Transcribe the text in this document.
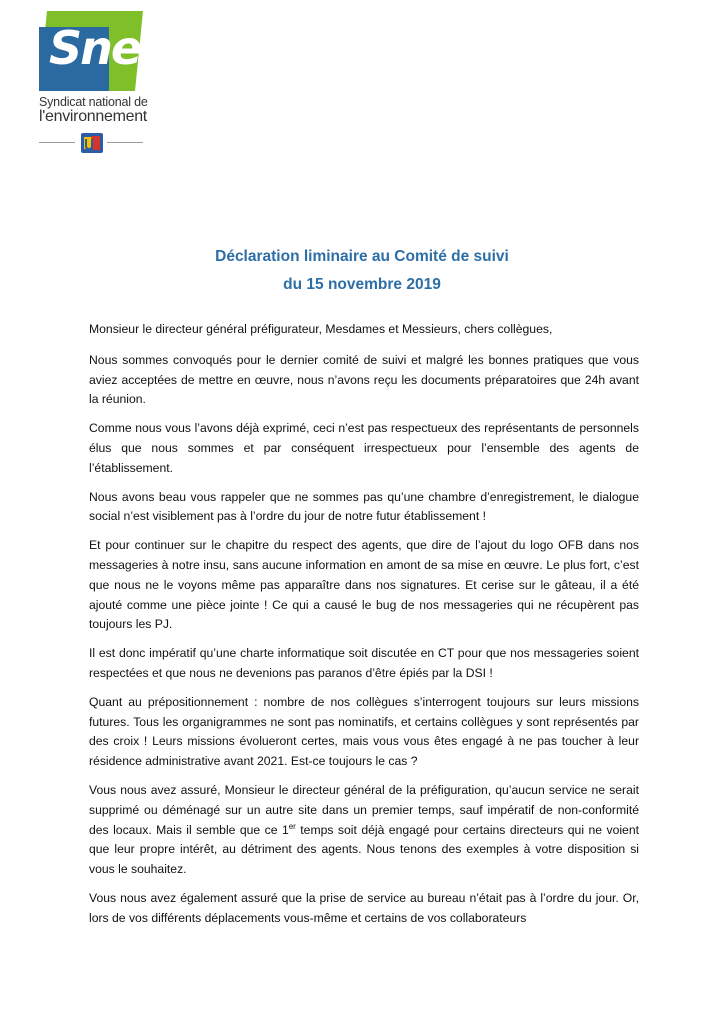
Sne
Syndicat national de
l'environnement
Déclaration liminaire au Comité de suivi
du 15 novembre 2019

Monsieur le directeur général préfigurateur, Mesdames et Messieurs, chers collègues,

Nous sommes convoqués pour le dernier comité de suivi et malgré les bonnes pratiques que vous aviez acceptées de mettre en œuvre, nous n’avons reçu les documents préparatoires que 24h avant la réunion.

Comme nous vous l’avons déjà exprimé, ceci n’est pas respectueux des représentants de personnels élus que nous sommes et par conséquent irrespectueux pour l’ensemble des agents de l’établissement.

Nous avons beau vous rappeler que ne sommes pas qu’une chambre d’enregistrement, le dialogue social n’est visiblement pas à l’ordre du jour de notre futur établissement !

Et pour continuer sur le chapitre du respect des agents, que dire de l’ajout du logo OFB dans nos messageries à notre insu, sans aucune information en amont de sa mise en œuvre. Le plus fort, c’est que nous ne le voyons même pas apparaître dans nos signatures. Et cerise sur le gâteau, il a été ajouté comme une pièce jointe ! Ce qui a causé le bug de nos messageries qui ne récupèrent pas toujours les PJ.

Il est donc impératif qu’une charte informatique soit discutée en CT pour que nos messageries soient respectées et que nous ne devenions pas paranos d’être épiés par la DSI !

Quant au prépositionnement : nombre de nos collègues s’interrogent toujours sur leurs missions futures. Tous les organigrammes ne sont pas nominatifs, et certains collègues y sont représentés par des croix ! Leurs missions évolueront certes, mais vous vous êtes engagé à ne pas toucher à leur résidence administrative avant 2021. Est-ce toujours le cas ?

Vous nous avez assuré, Monsieur le directeur général de la préfiguration, qu’aucun service ne serait supprimé ou déménagé sur un autre site dans un premier temps, sauf impératif de non-conformité des locaux. Mais il semble que ce 1er temps soit déjà engagé pour certains directeurs qui ne voient que leur propre intérêt, au détriment des agents. Nous tenons des exemples à votre disposition si vous le souhaitez.

Vous nous avez également assuré que la prise de service au bureau n’était pas à l’ordre du jour. Or, lors de vos différents déplacements vous-même et certains de vos collaborateurs
